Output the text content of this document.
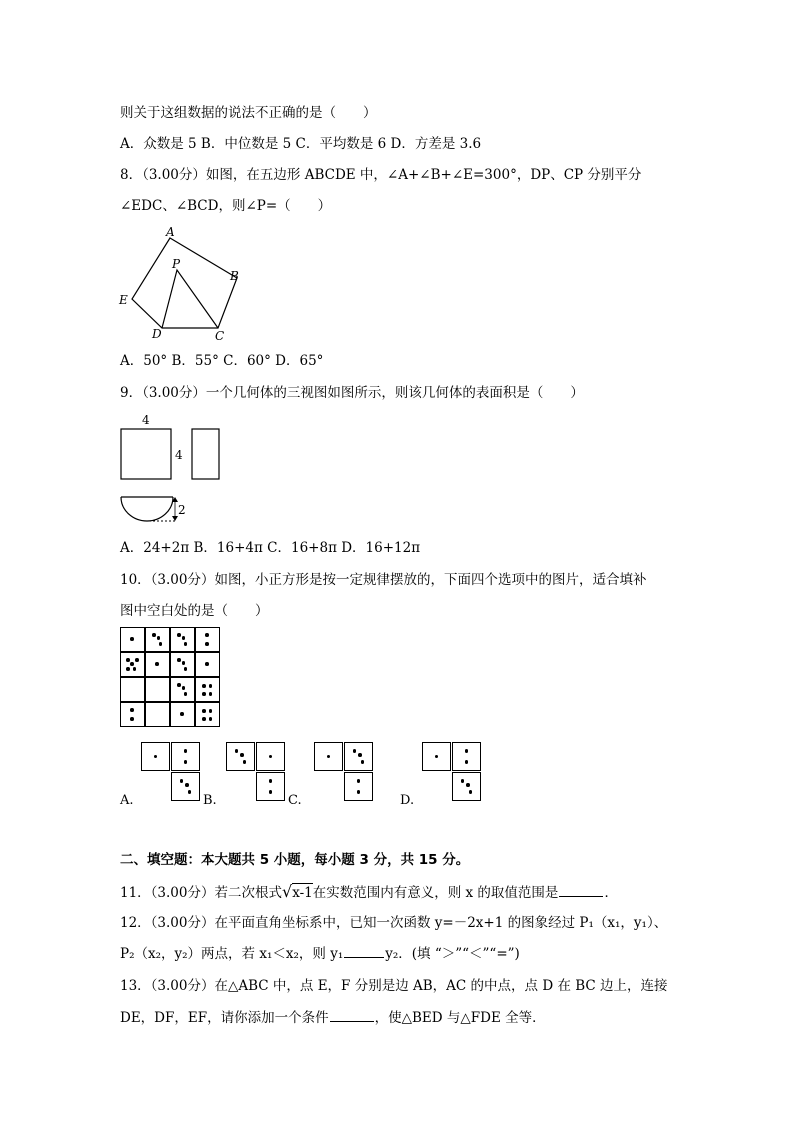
则关于这组数据的说法不正确的是（　　）
A．众数是 5 B．中位数是 5 C．平均数是 6 D．方差是 3.6
8．（3.00分）如图，在五边形 ABCDE 中，∠A+∠B+∠E=300°，DP、CP 分别平分
∠EDC、∠BCD，则∠P=（　　）
A
B
C
D
E
P
A．50° B．55° C．60° D．65°
9．（3.00分）一个几何体的三视图如图所示，则该几何体的表面积是（　　）
4
4
2
A．24+2π B．16+4π C．16+8π D．16+12π
10．（3.00分）如图，小正方形是按一定规律摆放的，下面四个选项中的图片，适合填补
图中空白处的是（　　）
A.	B.	C.	D.
二、填空题：本大题共 5 小题，每小题 3 分，共 15 分。
11．（3.00分）若二次根式√x-1在实数范围内有意义，则 x 的取值范围是	．
12．（3.00分）在平面直角坐标系中，已知一次函数 y=－2x+1 的图象经过 P₁（x₁，y₁）、
P₂（x₂，y₂）两点，若 x₁＜x₂，则 y₁	y₂．(填 “＞”“＜”“=”)
13．（3.00分）在△ABC 中，点 E，F 分别是边 AB，AC 的中点，点 D 在 BC 边上，连接
DE，DF，EF，请你添加一个条件	，使△BED 与△FDE 全等．
